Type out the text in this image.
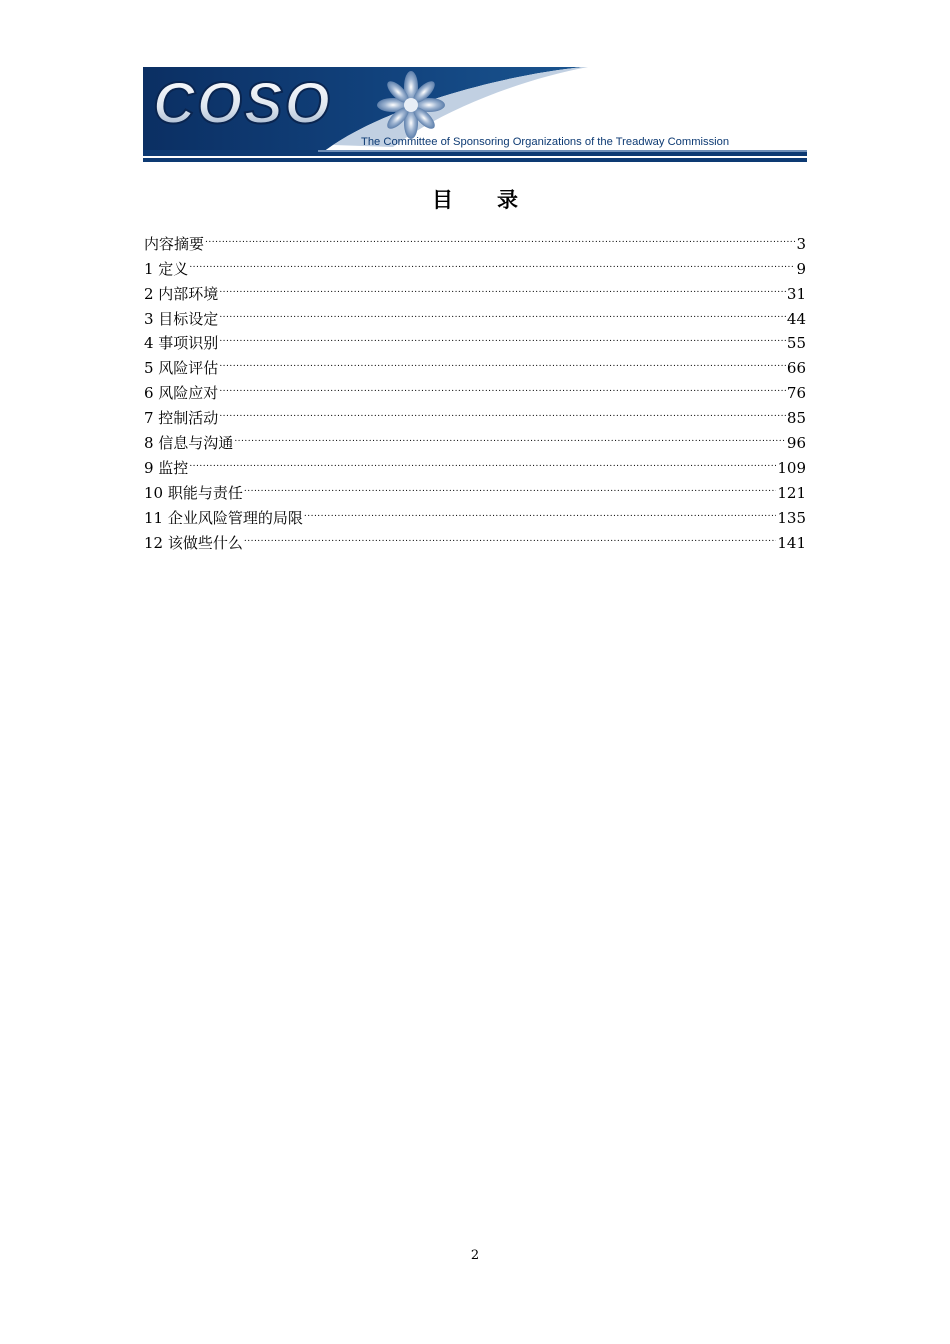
COSO
The Committee of Sponsoring Organizations of the Treadway Commission
目 录
内容摘要 .....	3
1 定义 .....	9
2 内部环境 .....	31
3 目标设定 .....	44
4 事项识别 .....	55
5 风险评估 .....	66
6 风险应对 .....	76
7 控制活动 .....	85
8 信息与沟通 .....	96
9 监控 .....	109
10 职能与责任 .....	121
11 企业风险管理的局限 .....	135
12 该做些什么 .....	141
2
